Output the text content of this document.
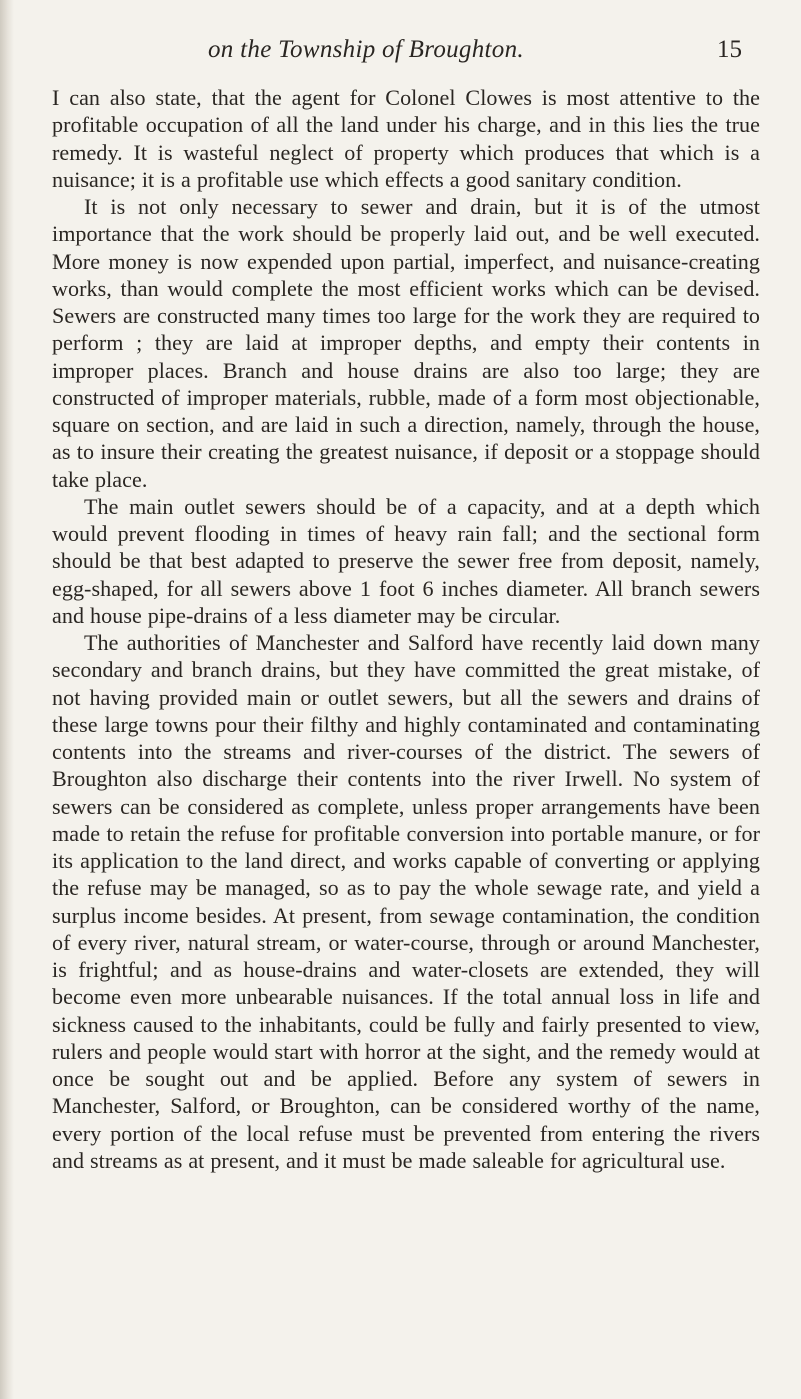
on the Township of Broughton.	15

I can also state, that the agent for Colonel Clowes is most attentive to the profitable occupation of all the land under his charge, and in this lies the true remedy. It is wasteful neglect of property which produces that which is a nuisance; it is a profitable use which effects a good sanitary condition.

It is not only necessary to sewer and drain, but it is of the utmost importance that the work should be properly laid out, and be well executed. More money is now expended upon partial, imperfect, and nuisance-creating works, than would complete the most efficient works which can be devised. Sewers are constructed many times too large for the work they are required to perform ; they are laid at improper depths, and empty their contents in improper places. Branch and house drains are also too large; they are constructed of improper materials, rubble, made of a form most objectionable, square on section, and are laid in such a direction, namely, through the house, as to insure their creating the greatest nuisance, if deposit or a stoppage should take place.

The main outlet sewers should be of a capacity, and at a depth which would prevent flooding in times of heavy rain fall; and the sectional form should be that best adapted to preserve the sewer free from deposit, namely, egg-shaped, for all sewers above 1 foot 6 inches diameter. All branch sewers and house pipe-drains of a less diameter may be circular.

The authorities of Manchester and Salford have recently laid down many secondary and branch drains, but they have committed the great mistake, of not having provided main or outlet sewers, but all the sewers and drains of these large towns pour their filthy and highly contaminated and contaminating contents into the streams and river-courses of the district. The sewers of Broughton also discharge their contents into the river Irwell. No system of sewers can be considered as complete, unless proper arrangements have been made to retain the refuse for profitable conversion into portable manure, or for its application to the land direct, and works capable of converting or applying the refuse may be managed, so as to pay the whole sewage rate, and yield a surplus income besides. At present, from sewage contamination, the condition of every river, natural stream, or water-course, through or around Manchester, is frightful; and as house-drains and water-closets are extended, they will become even more unbearable nuisances. If the total annual loss in life and sickness caused to the inhabitants, could be fully and fairly presented to view, rulers and people would start with horror at the sight, and the remedy would at once be sought out and be applied. Before any system of sewers in Manchester, Salford, or Broughton, can be considered worthy of the name, every portion of the local refuse must be prevented from entering the rivers and streams as at present, and it must be made saleable for agricultural use.
